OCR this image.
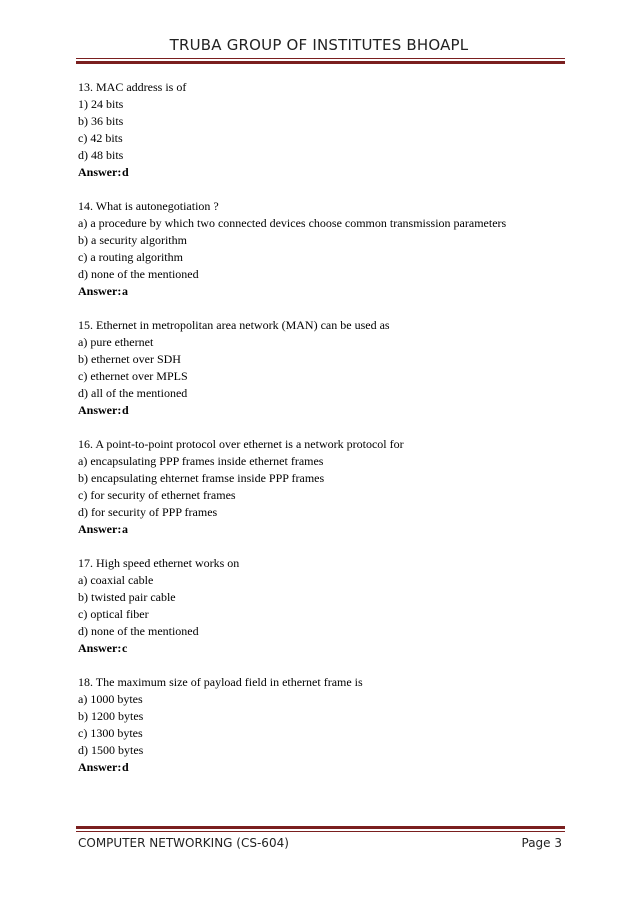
TRUBA GROUP OF INSTITUTES BHOAPL
13. MAC address is of
1) 24 bits
b) 36 bits
c) 42 bits
d) 48 bits
Answer:d
14. What is autonegotiation ?
a) a procedure by which two connected devices choose common transmission parameters
b) a security algorithm
c) a routing algorithm
d) none of the mentioned
Answer:a
15. Ethernet in metropolitan area network (MAN) can be used as
a) pure ethernet
b) ethernet over SDH
c) ethernet over MPLS
d) all of the mentioned
Answer:d
16. A point-to-point protocol over ethernet is a network protocol for
a) encapsulating PPP frames inside ethernet frames
b) encapsulating ehternet framse inside PPP frames
c) for security of ethernet frames
d) for security of PPP frames
Answer:a
17. High speed ethernet works on
a) coaxial cable
b) twisted pair cable
c) optical fiber
d) none of the mentioned
Answer:c
18. The maximum size of payload field in ethernet frame is
a) 1000 bytes
b) 1200 bytes
c) 1300 bytes
d) 1500 bytes
Answer:d
COMPUTER NETWORKING (CS-604)	Page 3
